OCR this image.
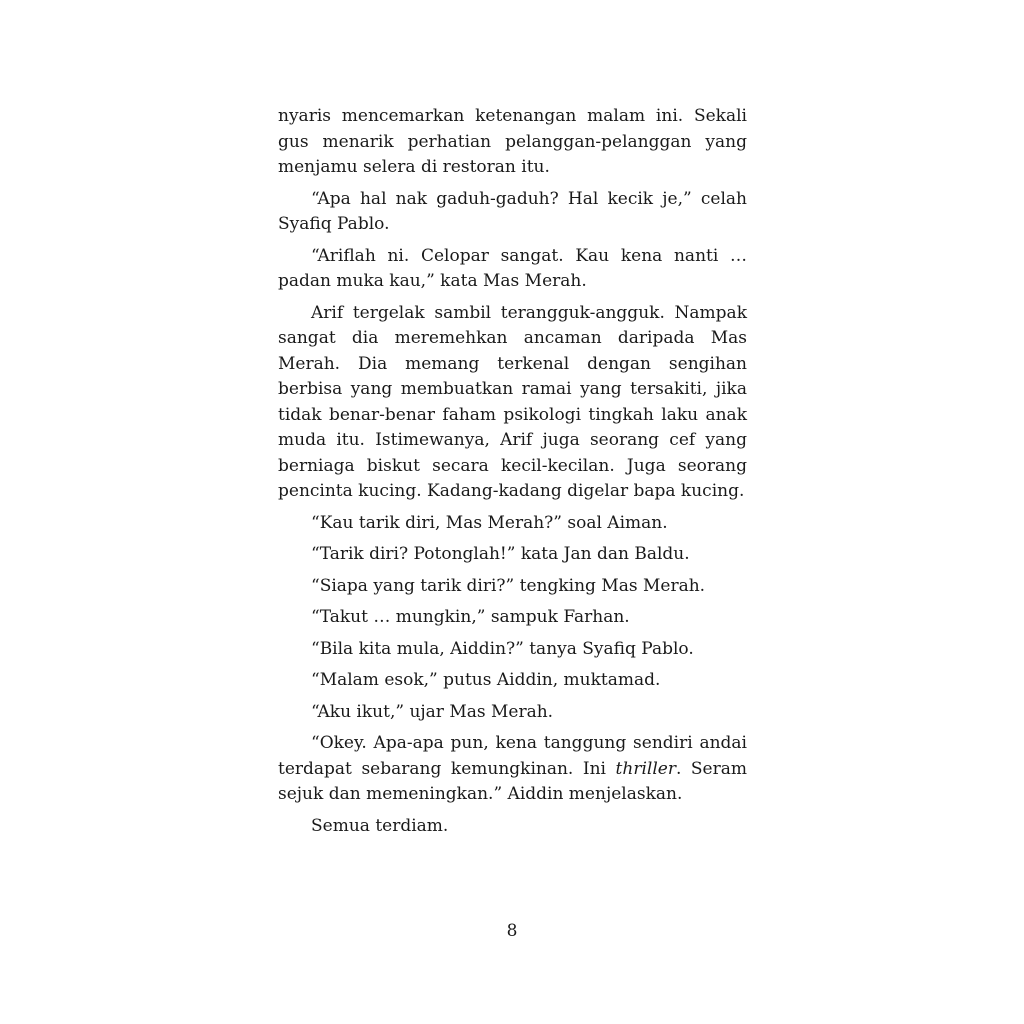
nyaris mencemarkan ketenangan malam ini. Sekali gus menarik perhatian pelanggan-pelanggan yang menjamu selera di restoran itu.

“Apa hal nak gaduh-gaduh? Hal kecik je,” celah Syafiq Pablo.

“Ariflah ni. Celopar sangat. Kau kena nanti … padan muka kau,” kata Mas Merah.

Arif tergelak sambil terangguk-angguk. Nampak sangat dia meremehkan ancaman daripada Mas Merah. Dia memang terkenal dengan sengihan berbisa yang membuatkan ramai yang tersakiti, jika tidak benar-benar faham psikologi tingkah laku anak muda itu. Istimewanya, Arif juga seorang cef yang berniaga biskut secara kecil-kecilan. Juga seorang pencinta kucing. Kadang-kadang digelar bapa kucing.

“Kau tarik diri, Mas Merah?” soal Aiman.

“Tarik diri? Potonglah!” kata Jan dan Baldu.

“Siapa yang tarik diri?” tengking Mas Merah.

“Takut … mungkin,” sampuk Farhan.

“Bila kita mula, Aiddin?” tanya Syafiq Pablo.

“Malam esok,” putus Aiddin, muktamad.

“Aku ikut,” ujar Mas Merah.

“Okey. Apa-apa pun, kena tanggung sendiri andai terdapat sebarang kemungkinan. Ini thriller. Seram sejuk dan memeningkan.” Aiddin menjelaskan.

Semua terdiam.

8
